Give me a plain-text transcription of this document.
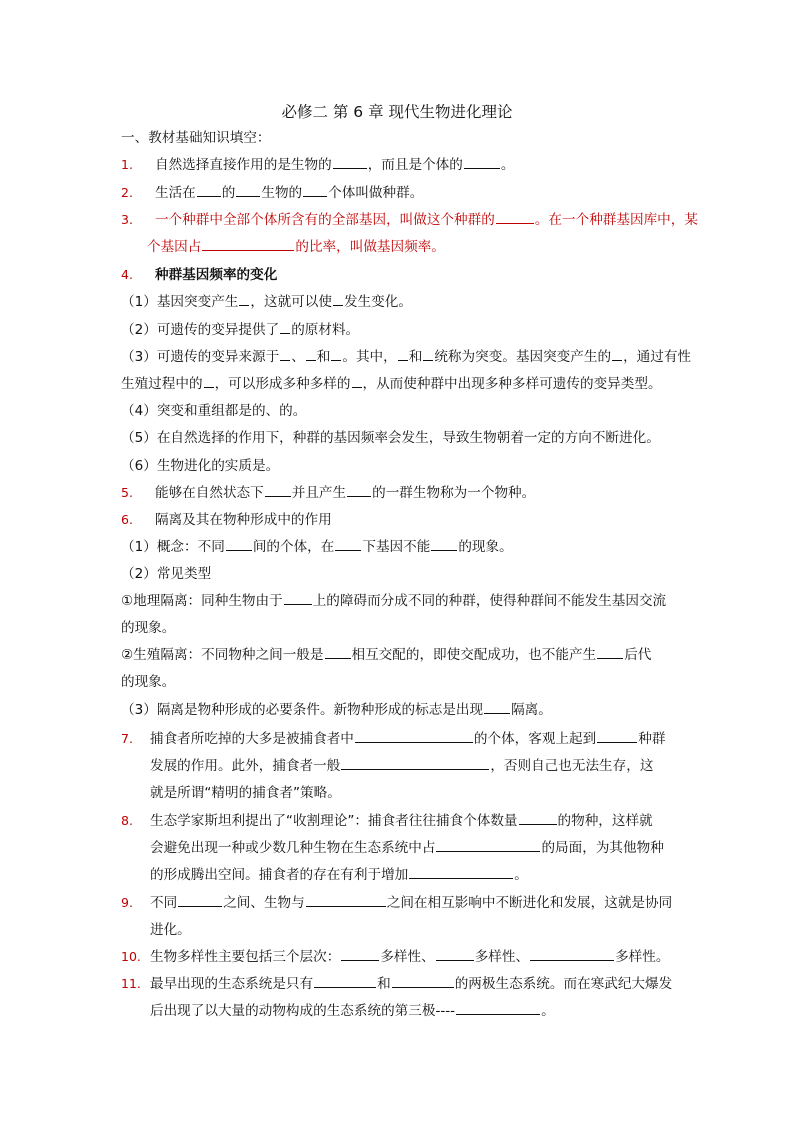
必修二 第 6 章 现代生物进化理论
一、教材基础知识填空：
1. 自然选择直接作用的是生物的	，而且是个体的	。
2. 生活在 的 生物的 个体叫做种群。
3. 一个种群中全部个体所含有的全部基因，叫做这个种群的	。在一个种群基因库中，某
个基因占	的比率，叫做基因频率。
4. 种群基因频率的变化
（1）基因突变产生 ，这就可以使 发生变化。
（2）可遗传的变异提供了 的原材料。
（3）可遗传的变异来源于 、 和 。其中， 和 统称为突变。基因突变产生的 ，通过有性
生殖过程中的 ，可以形成多种多样的 ，从而使种群中出现多种多样可遗传的变异类型。
（4）突变和重组都是的、的。
（5）在自然选择的作用下，种群的基因频率会发生，导致生物朝着一定的方向不断进化。
（6）生物进化的实质是。
5. 能够在自然状态下 并且产生 的一群生物称为一个物种。
6. 隔离及其在物种形成中的作用
（1）概念：不同 间的个体，在 下基因不能 的现象。
（2）常见类型
①地理隔离：同种生物由于 上的障碍而分成不同的种群，使得种群间不能发生基因交流
的现象。
②生殖隔离：不同物种之间一般是 相互交配的，即使交配成功，也不能产生 后代
的现象。
（3）隔离是物种形成的必要条件。新物种形成的标志是出现 隔离。
7. 捕食者所吃掉的大多是被捕食者中	的个体，客观上起到	种群
发展的作用。此外，捕食者一般	，否则自己也无法生存，这
就是所谓“精明的捕食者”策略。
8. 生态学家斯坦利提出了“收割理论”：捕食者往往捕食个体数量	的物种，这样就
会避免出现一种或少数几种生物在生态系统中占	的局面，为其他物种
的形成腾出空间。捕食者的存在有利于增加	。
9. 不同	之间、生物与	之间在相互影响中不断进化和发展，这就是协同
进化。
10. 生物多样性主要包括三个层次：	多样性、	多样性、	多样性。
11. 最早出现的生态系统是只有	和	的两极生态系统。而在寒武纪大爆发
后出现了以大量的动物构成的生态系统的第三极----	。
